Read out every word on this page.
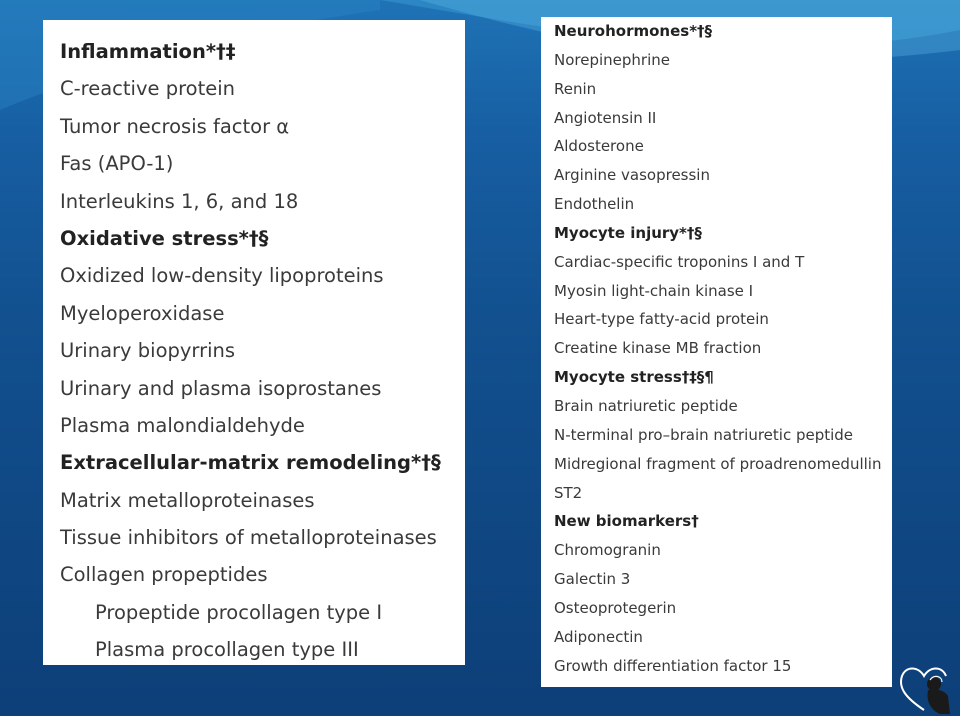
Inflammation*†‡
C-reactive protein
Tumor necrosis factor α
Fas (APO-1)
Interleukins 1, 6, and 18
Oxidative stress*†§
Oxidized low-density lipoproteins
Myeloperoxidase
Urinary biopyrrins
Urinary and plasma isoprostanes
Plasma malondialdehyde
Extracellular-matrix remodeling*†§
Matrix metalloproteinases
Tissue inhibitors of metalloproteinases
Collagen propeptides
Propeptide procollagen type I
Plasma procollagen type III
Neurohormones*†§
Norepinephrine
Renin
Angiotensin II
Aldosterone
Arginine vasopressin
Endothelin
Myocyte injury*†§
Cardiac-specific troponins I and T
Myosin light-chain kinase I
Heart-type fatty-acid protein
Creatine kinase MB fraction
Myocyte stress†‡§¶
Brain natriuretic peptide
N-terminal pro–brain natriuretic peptide
Midregional fragment of proadrenomedullin
ST2
New biomarkers†
Chromogranin
Galectin 3
Osteoprotegerin
Adiponectin
Growth differentiation factor 15
